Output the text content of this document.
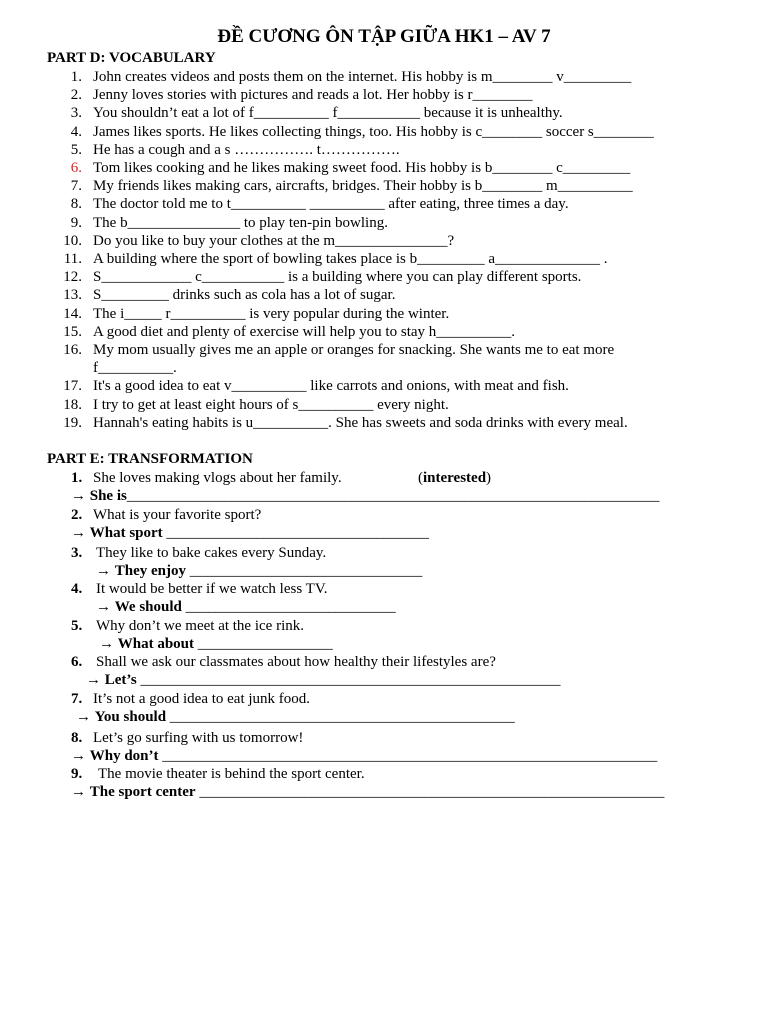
ĐỀ CƯƠNG ÔN TẬP GIỮA HK1 – AV 7
PART D: VOCABULARY
1. John creates videos and posts them on the internet. His hobby is m________ v_________
2. Jenny loves stories with pictures and reads a lot. Her hobby is r________
3. You shouldn’t eat a lot of f__________ f___________ because it is unhealthy.
4. James likes sports. He likes collecting things, too. His hobby is c________ soccer s________
5. He has a cough and a s ……………. t…………….
6. Tom likes cooking and he likes making sweet food. His hobby is b________ c_________
7. My friends likes making cars, aircrafts, bridges. Their hobby is b________ m__________
8. The doctor told me to t__________ __________ after eating, three times a day.
9. The b_______________ to play ten-pin bowling.
10. Do you like to buy your clothes at the m_______________?
11. A building where the sport of bowling takes place is b_________ a______________ .
12. S____________ c___________ is a building where you can play different sports.
13. S_________ drinks such as cola has a lot of sugar.
14. The i_____ r__________ is very popular during the winter.
15. A good diet and plenty of exercise will help you to stay h__________.
16. My mom usually gives me an apple or oranges for snacking. She wants me to eat more
f__________.
17. It's a good idea to eat v__________ like carrots and onions, with meat and fish.
18. I try to get at least eight hours of s__________ every night.
19. Hannah's eating habits is u__________. She has sweets and soda drinks with every meal.
PART E: TRANSFORMATION
1. She loves making vlogs about her family.	(interested)
→ She is_______________________________________________________________________
2. What is your favorite sport?
→ What sport ___________________________________
3. They like to bake cakes every Sunday.
→ They enjoy _______________________________
4. It would be better if we watch less TV.
→ We should ____________________________
5. Why don’t we meet at the ice rink.
→ What about __________________
6. Shall we ask our classmates about how healthy their lifestyles are?
→ Let’s ________________________________________________________
7. It’s not a good idea to eat junk food.
→ You should ______________________________________________
8. Let’s go surfing with us tomorrow!
→ Why don’t __________________________________________________________________
9.	The movie theater is behind the sport center.
→ The sport center ______________________________________________________________
